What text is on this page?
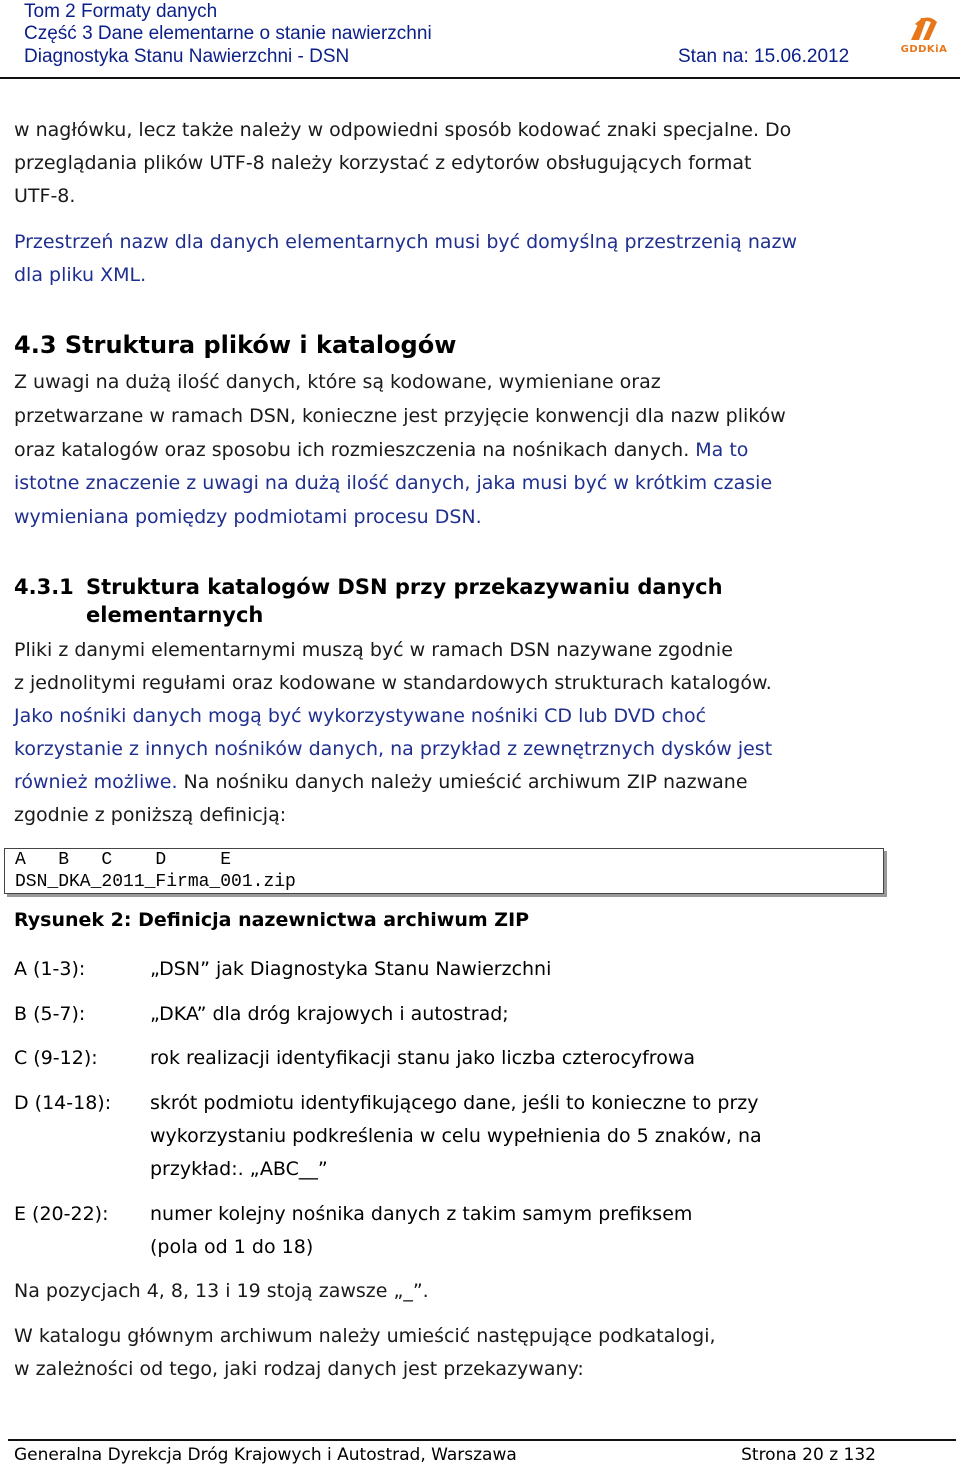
Tom 2 Formaty danych
Część 3 Dane elementarne o stanie nawierzchni
Diagnostyka Stanu Nawierzchni - DSN	Stan na: 15.06.2012	GDDKiA
w nagłówku, lecz także należy w odpowiedni sposób kodować znaki specjalne. Do
przeglądania plików UTF-8 należy korzystać z edytorów obsługujących format
UTF-8.
Przestrzeń nazw dla danych elementarnych musi być domyślną przestrzenią nazw
dla pliku XML.
4.3 Struktura plików i katalogów
Z uwagi na dużą ilość danych, które są kodowane, wymieniane oraz
przetwarzane w ramach DSN, konieczne jest przyjęcie konwencji dla nazw plików
oraz katalogów oraz sposobu ich rozmieszczenia na nośnikach danych. Ma to
istotne znaczenie z uwagi na dużą ilość danych, jaka musi być w krótkim czasie
wymieniana pomiędzy podmiotami procesu DSN.
4.3.1 Struktura katalogów DSN przy przekazywaniu danych
elementarnych
Pliki z danymi elementarnymi muszą być w ramach DSN nazywane zgodnie
z jednolitymi regułami oraz kodowane w standardowych strukturach katalogów.
Jako nośniki danych mogą być wykorzystywane nośniki CD lub DVD choć
korzystanie z innych nośników danych, na przykład z zewnętrznych dysków jest
również możliwe. Na nośniku danych należy umieścić archiwum ZIP nazwane
zgodnie z poniższą definicją:
A   B   C    D     E
DSN_DKA_2011_Firma_001.zip
Rysunek 2: Definicja nazewnictwa archiwum ZIP
A (1-3):	„DSN” jak Diagnostyka Stanu Nawierzchni
B (5-7):	„DKA” dla dróg krajowych i autostrad;
C (9-12):	rok realizacji identyfikacji stanu jako liczba czterocyfrowa
D (14-18): skrót podmiotu identyfikującego dane, jeśli to konieczne to przy
wykorzystaniu podkreślenia w celu wypełnienia do 5 znaków, na
przykład:. „ABC__”
E (20-22): numer kolejny nośnika danych z takim samym prefiksem
(pola od 1 do 18)
Na pozycjach 4, 8, 13 i 19 stoją zawsze „_”.
W katalogu głównym archiwum należy umieścić następujące podkatalogi,
w zależności od tego, jaki rodzaj danych jest przekazywany:
Generalna Dyrekcja Dróg Krajowych i Autostrad, Warszawa	Strona 20 z 132
